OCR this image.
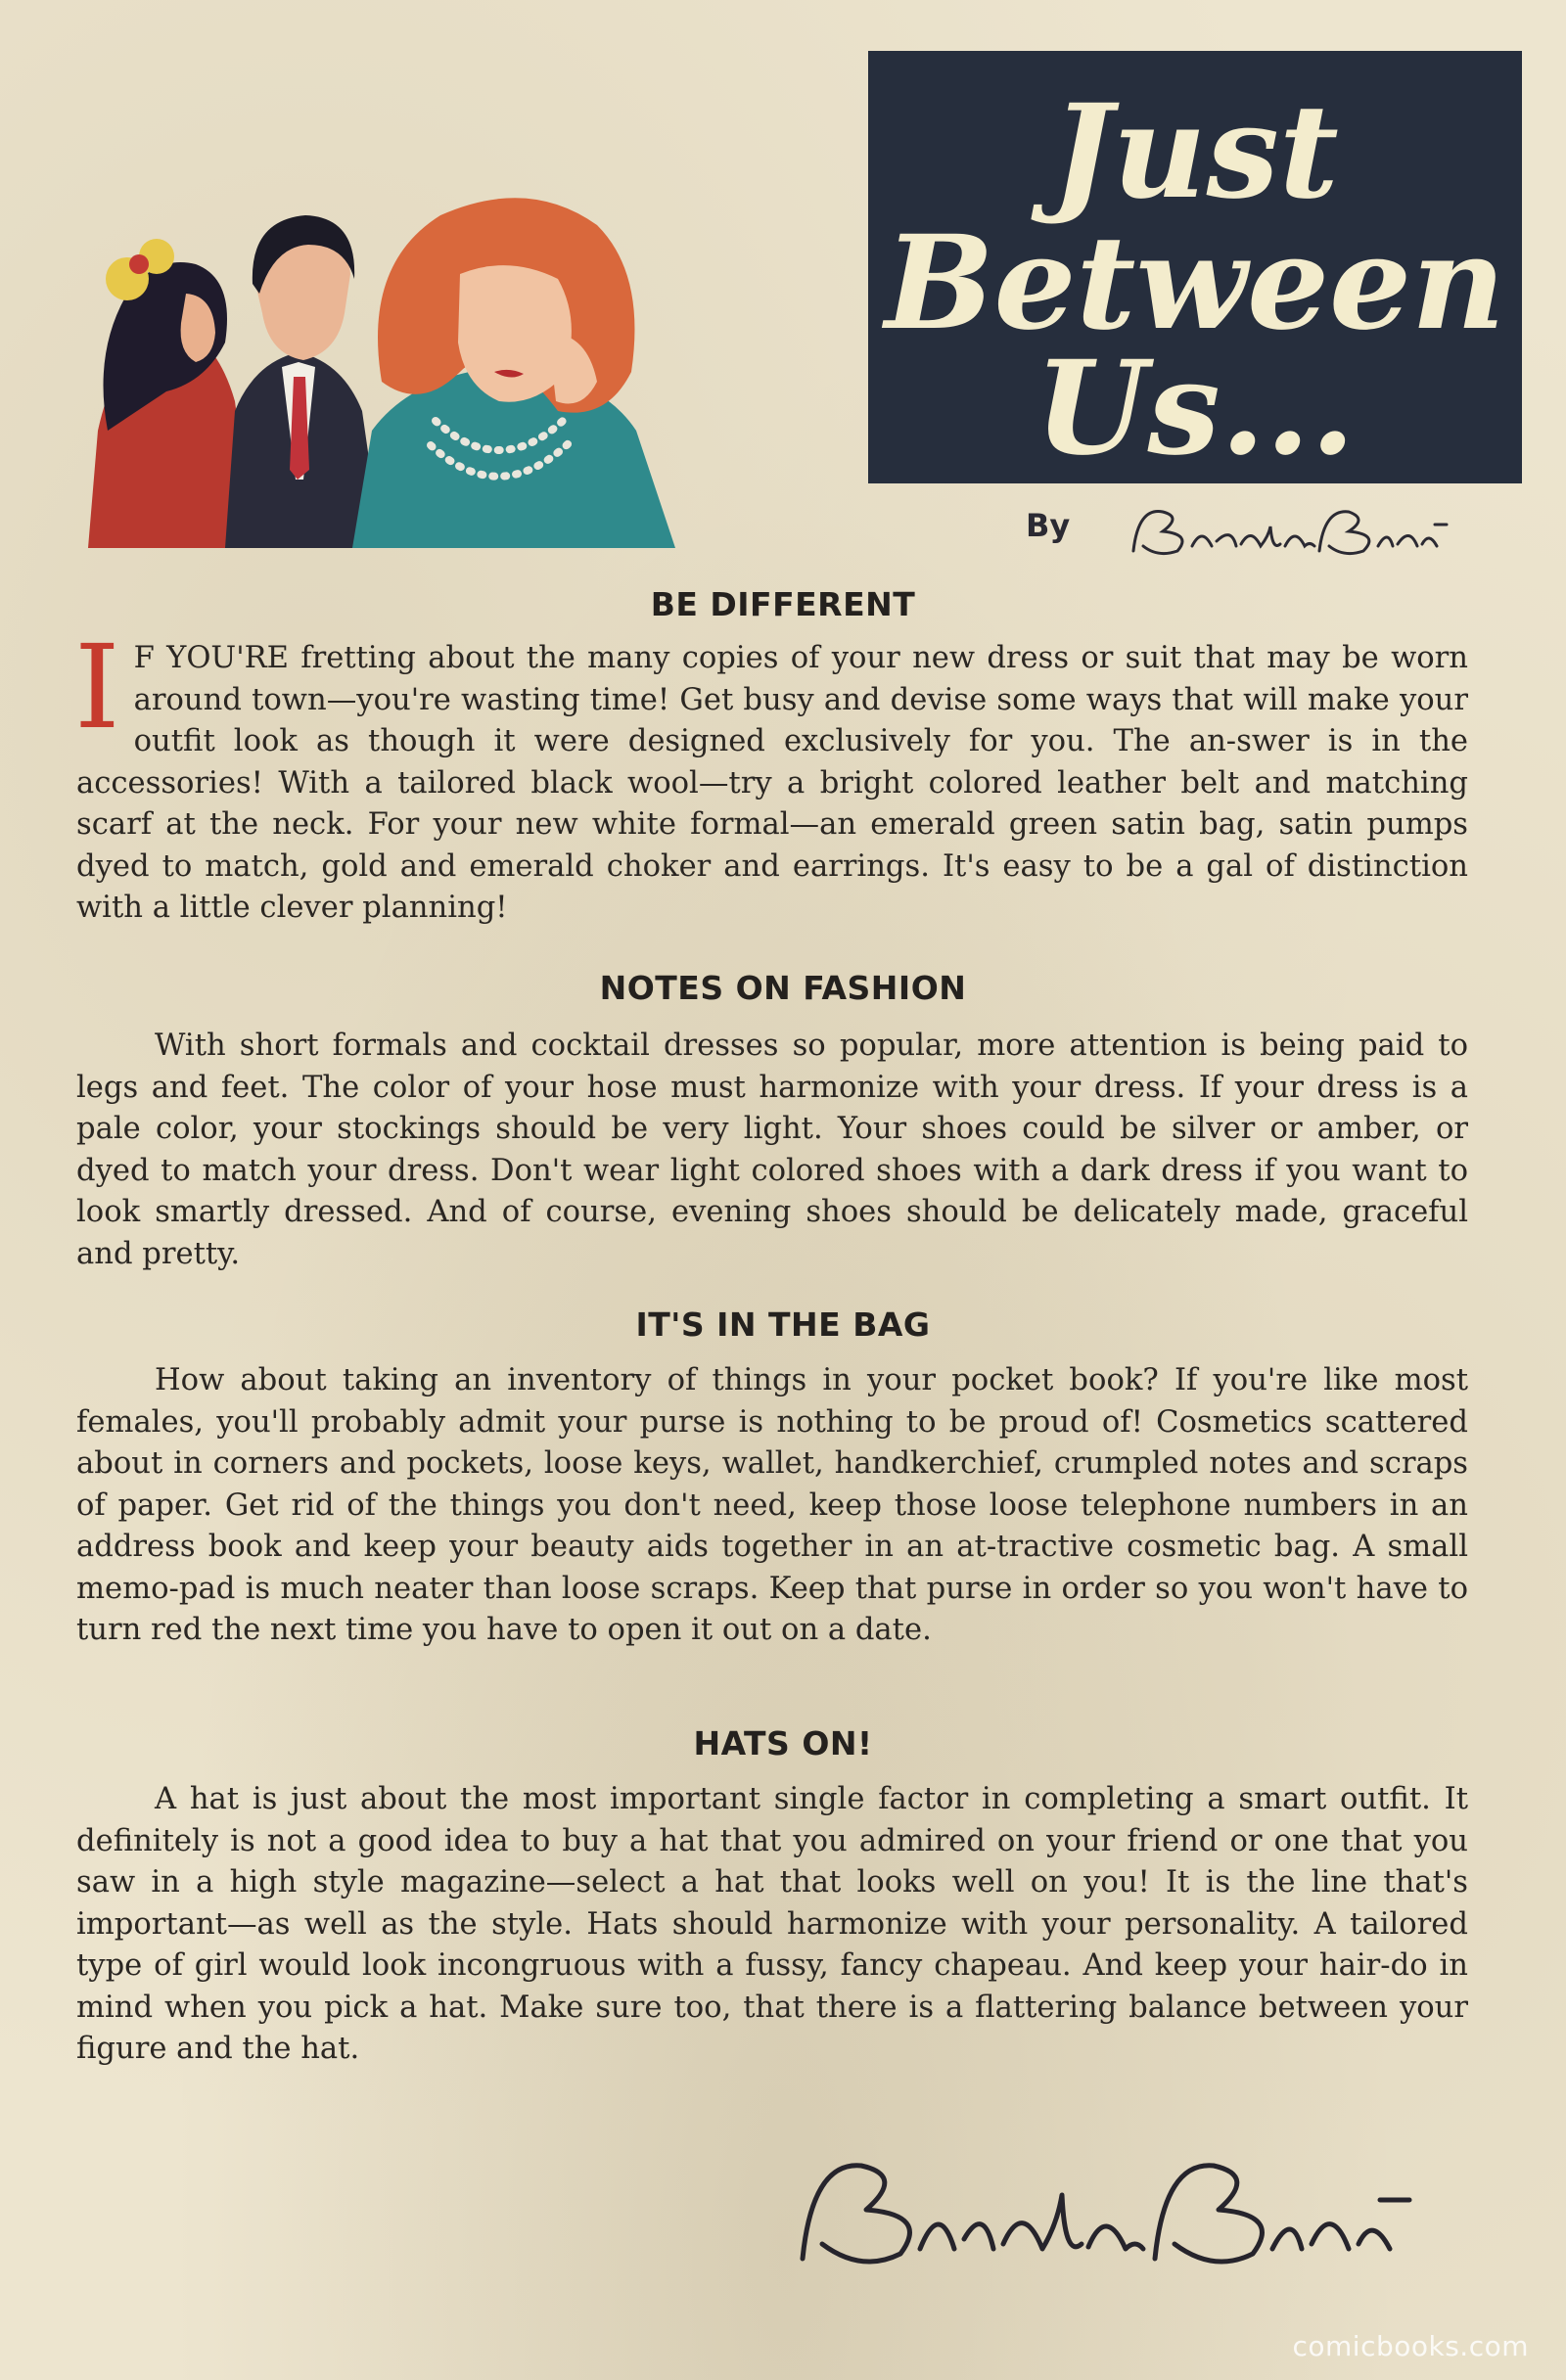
Just
Between
Us...
By
BE DIFFERENT
I F YOU'RE fretting about the many copies of your new dress or suit that may be worn around town—you're wasting time! Get busy and devise some ways that will make your outfit look as though it were designed exclusively for you. The an-swer is in the accessories! With a tailored black wool—try a bright colored leather belt and matching scarf at the neck. For your new white formal—an emerald green satin bag, satin pumps dyed to match, gold and emerald choker and earrings. It's easy to be a gal of distinction with a little clever planning!
NOTES ON FASHION
With short formals and cocktail dresses so popular, more attention is being paid to legs and feet. The color of your hose must harmonize with your dress. If your dress is a pale color, your stockings should be very light. Your shoes could be silver or amber, or dyed to match your dress. Don't wear light colored shoes with a dark dress if you want to look smartly dressed. And of course, evening shoes should be delicately made, graceful and pretty.
IT'S IN THE BAG
How about taking an inventory of things in your pocket book? If you're like most females, you'll probably admit your purse is nothing to be proud of! Cosmetics scattered about in corners and pockets, loose keys, wallet, handkerchief, crumpled notes and scraps of paper. Get rid of the things you don't need, keep those loose telephone numbers in an address book and keep your beauty aids together in an at-tractive cosmetic bag. A small memo-pad is much neater than loose scraps. Keep that purse in order so you won't have to turn red the next time you have to open it out on a date.
HATS ON!
A hat is just about the most important single factor in completing a smart outfit. It definitely is not a good idea to buy a hat that you admired on your friend or one that you saw in a high style magazine—select a hat that looks well on you! It is the line that's important—as well as the style. Hats should harmonize with your personality. A tailored type of girl would look incongruous with a fussy, fancy chapeau. And keep your hair-do in mind when you pick a hat. Make sure too, that there is a flattering balance between your figure and the hat.
comicbooks.com
